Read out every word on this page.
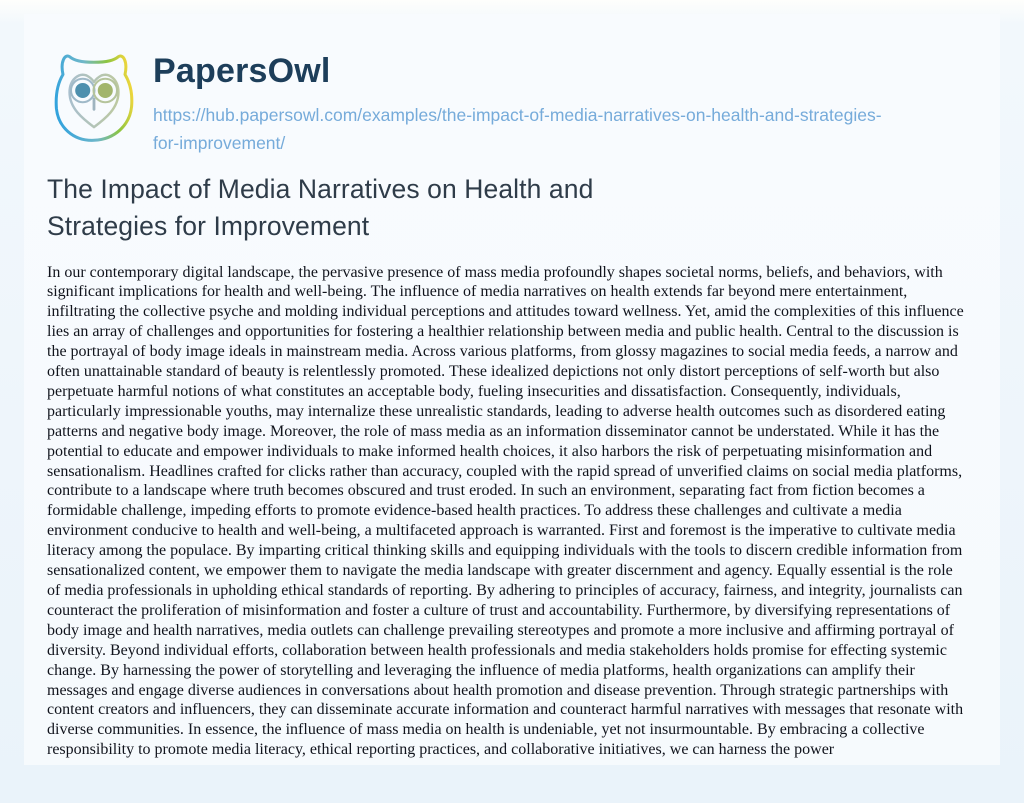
PapersOwl
https://hub.papersowl.com/examples/the-impact-of-media-narratives-on-health-and-strategies-for-improvement/
The Impact of Media Narratives on Health and Strategies for Improvement

In our contemporary digital landscape, the pervasive presence of mass media profoundly shapes societal norms, beliefs, and behaviors, with significant implications for health and well-being. The influence of media narratives on health extends far beyond mere entertainment, infiltrating the collective psyche and molding individual perceptions and attitudes toward wellness. Yet, amid the complexities of this influence lies an array of challenges and opportunities for fostering a healthier relationship between media and public health. Central to the discussion is the portrayal of body image ideals in mainstream media. Across various platforms, from glossy magazines to social media feeds, a narrow and often unattainable standard of beauty is relentlessly promoted. These idealized depictions not only distort perceptions of self-worth but also perpetuate harmful notions of what constitutes an acceptable body, fueling insecurities and dissatisfaction. Consequently, individuals, particularly impressionable youths, may internalize these unrealistic standards, leading to adverse health outcomes such as disordered eating patterns and negative body image. Moreover, the role of mass media as an information disseminator cannot be understated. While it has the potential to educate and empower individuals to make informed health choices, it also harbors the risk of perpetuating misinformation and sensationalism. Headlines crafted for clicks rather than accuracy, coupled with the rapid spread of unverified claims on social media platforms, contribute to a landscape where truth becomes obscured and trust eroded. In such an environment, separating fact from fiction becomes a formidable challenge, impeding efforts to promote evidence-based health practices. To address these challenges and cultivate a media environment conducive to health and well-being, a multifaceted approach is warranted. First and foremost is the imperative to cultivate media literacy among the populace. By imparting critical thinking skills and equipping individuals with the tools to discern credible information from sensationalized content, we empower them to navigate the media landscape with greater discernment and agency. Equally essential is the role of media professionals in upholding ethical standards of reporting. By adhering to principles of accuracy, fairness, and integrity, journalists can counteract the proliferation of misinformation and foster a culture of trust and accountability. Furthermore, by diversifying representations of body image and health narratives, media outlets can challenge prevailing stereotypes and promote a more inclusive and affirming portrayal of diversity. Beyond individual efforts, collaboration between health professionals and media stakeholders holds promise for effecting systemic change. By harnessing the power of storytelling and leveraging the influence of media platforms, health organizations can amplify their messages and engage diverse audiences in conversations about health promotion and disease prevention. Through strategic partnerships with content creators and influencers, they can disseminate accurate information and counteract harmful narratives with messages that resonate with diverse communities. In essence, the influence of mass media on health is undeniable, yet not insurmountable. By embracing a collective responsibility to promote media literacy, ethical reporting practices, and collaborative initiatives, we can harness the power
